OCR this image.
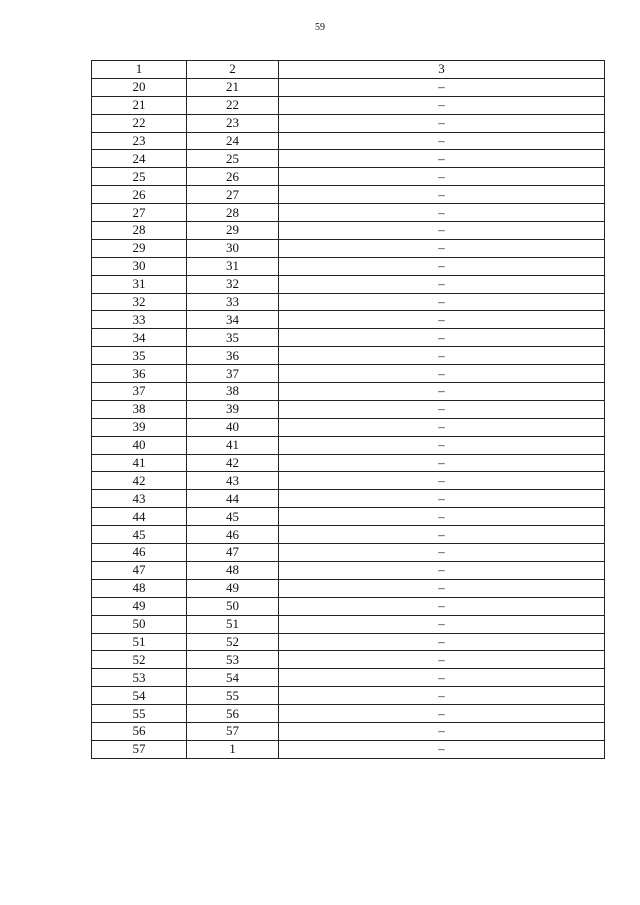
59
1	2	3
20	21	–
21	22	–
22	23	–
23	24	–
24	25	–
25	26	–
26	27	–
27	28	–
28	29	–
29	30	–
30	31	–
31	32	–
32	33	–
33	34	–
34	35	–
35	36	–
36	37	–
37	38	–
38	39	–
39	40	–
40	41	–
41	42	–
42	43	–
43	44	–
44	45	–
45	46	–
46	47	–
47	48	–
48	49	–
49	50	–
50	51	–
51	52	–
52	53	–
53	54	–
54	55	–
55	56	–
56	57	–
57	1	–
